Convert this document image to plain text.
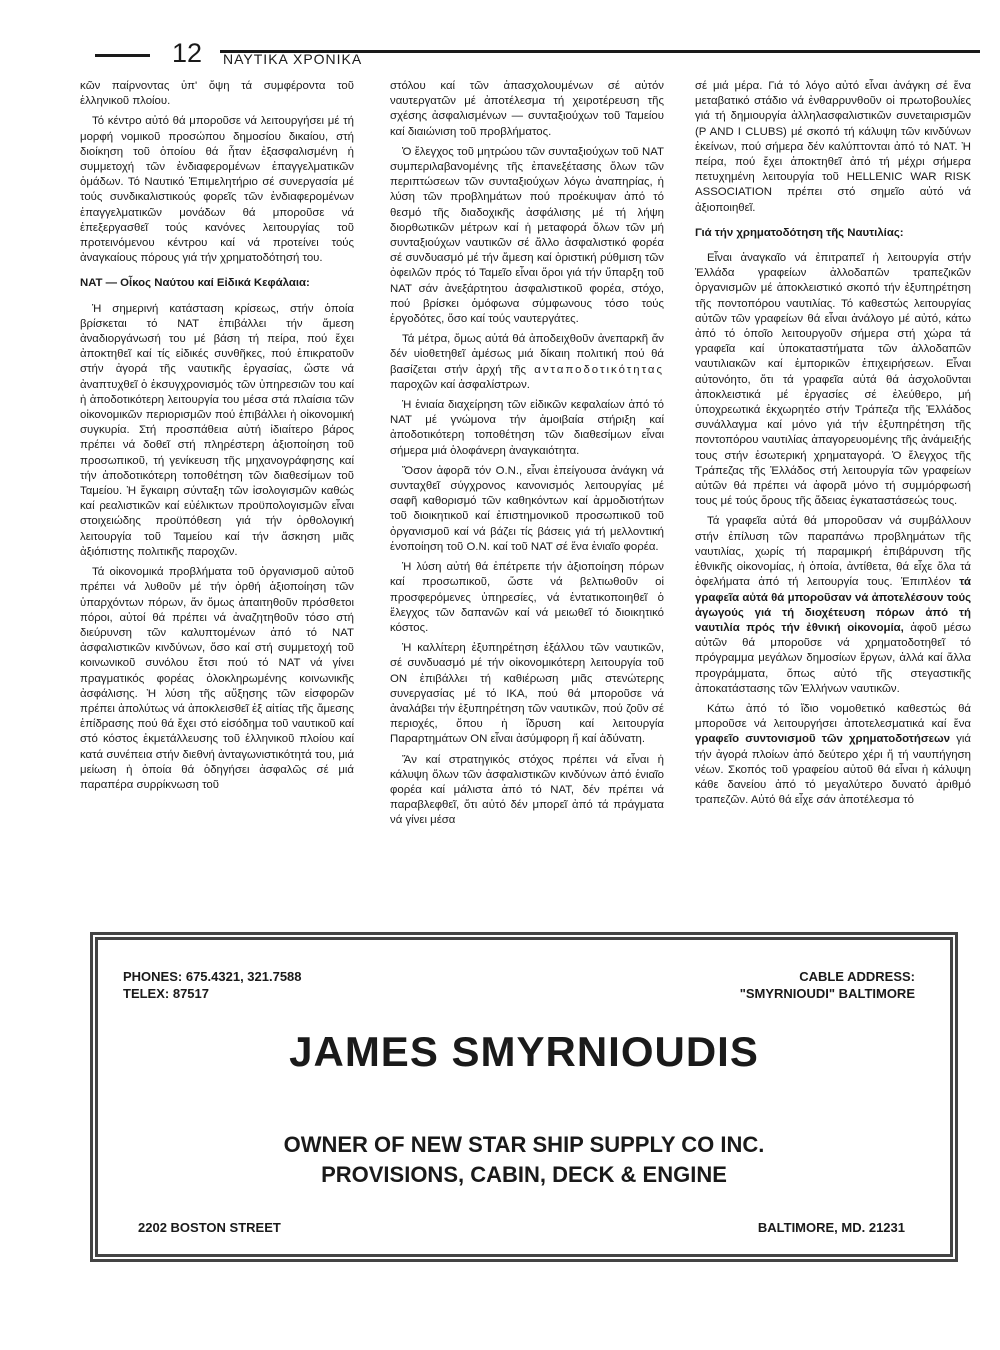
12 ΝΑΥΤΙΚΑ ΧΡΟΝΙΚΑ

κῶν παίρνοντας ὑπ' ὄψη τά συμφέροντα τοῦ ἑλληνικοῦ πλοίου.

Τό κέντρο αὐτό θά μποροῦσε νά λειτουργήσει μέ τή μορφή νομικοῦ προσώπου δημοσίου δικαίου, στή διοίκηση τοῦ ὁποίου θά ἦταν ἐξασφαλισμένη ἡ συμμετοχή τῶν ἐνδιαφερομένων ἐπαγγελματικῶν ὁμάδων. Τό Ναυτικό Ἐπιμελητήριο σέ συνεργασία μέ τούς συνδικαλιστικούς φορεῖς τῶν ἐνδιαφερομένων ἐπαγγελματικῶν μονάδων θά μποροῦσε νά ἐπεξεργασθεῖ τούς κανόνες λειτουργίας τοῦ προτεινόμενου κέντρου καί νά προτείνει τούς ἀναγκαίους πόρους γιά τήν χρηματοδότησή του.

ΝΑΤ — Οἶκος Ναύτου καί Εἰδικά Κεφάλαια:

Ἡ σημερινή κατάσταση κρίσεως, στήν ὁποία βρίσκεται τό ΝΑΤ ἐπιβάλλει τήν ἄμεση ἀναδιοργάνωσή του μέ βάση τή πείρα, πού ἔχει ἀποκτηθεῖ καί τίς εἰδικές συνθῆκες, πού ἐπικρατοῦν στήν ἀγορά τῆς ναυτικῆς ἐργασίας, ὥστε νά ἀναπτυχθεῖ ὁ ἐκσυγχρονισμός τῶν ὑπηρεσιῶν του καί ἡ ἀποδοτικότερη λειτουργία του μέσα στά πλαίσια τῶν οἰκονομικῶν περιορισμῶν πού ἐπιβάλλει ἡ οἰκονομική συγκυρία. Στή προσπάθεια αὐτή ἰδιαίτερο βάρος πρέπει νά δοθεῖ στή πληρέστερη ἀξιοποίηση τοῦ προσωπικοῦ, τή γενίκευση τῆς μηχανογράφησης καί τήν ἀποδοτικότερη τοποθέτηση τῶν διαθεσίμων τοῦ Ταμείου. Ἡ ἔγκαιρη σύνταξη τῶν ἰσολογισμῶν καθώς καί ρεαλιστικῶν καί εὐέλικτων προϋπολογισμῶν εἶναι στοιχειώδης προϋπόθεση γιά τήν ὀρθολογική λειτουργία τοῦ Ταμείου καί τήν ἄσκηση μιᾶς ἀξιόπιστης πολιτικῆς παροχῶν.

Τά οἰκονομικά προβλήματα τοῦ ὀργανισμοῦ αὐτοῦ πρέπει νά λυθοῦν μέ τήν ὀρθή ἀξιοποίηση τῶν ὑπαρχόντων πόρων, ἄν ὅμως ἀπαιτηθοῦν πρόσθετοι πόροι, αὐτοί θά πρέπει νά ἀναζητηθοῦν τόσο στή διεύρυνση τῶν καλυπτομένων ἀπό τό ΝΑΤ ἀσφαλιστικῶν κινδύνων, ὅσο καί στή συμμετοχή τοῦ κοινωνικοῦ συνόλου ἔτσι πού τό ΝΑΤ νά γίνει πραγματικός φορέας ὁλοκληρωμένης κοινωνικῆς ἀσφάλισης. Ἡ λύση τῆς αὔξησης τῶν εἰσφορῶν πρέπει ἀπολύτως νά ἀποκλεισθεῖ ἐξ αἰτίας τῆς ἄμεσης ἐπίδρασης πού θά ἔχει στό εἰσόδημα τοῦ ναυτικοῦ καί στό κόστος ἐκμετάλλευσης τοῦ ἑλληνικοῦ πλοίου καί κατά συνέπεια στήν διεθνή ἀνταγωνιστικότητά του, μιά μείωση ἡ ὁποία θά ὁδηγήσει ἀσφαλῶς σέ μιά παραπέρα συρρίκνωση τοῦ

στόλου καί τῶν ἀπασχολουμένων σέ αὐτόν ναυτεργατῶν μέ ἀποτέλεσμα τή χειροτέρευση τῆς σχέσης ἀσφαλισμένων — συνταξιούχων τοῦ Ταμείου καί διαιώνιση τοῦ προβλήματος.

Ὁ ἔλεγχος τοῦ μητρώου τῶν συνταξιούχων τοῦ ΝΑΤ συμπεριλαβανομένης τῆς ἐπανεξέτασης ὅλων τῶν περιπτώσεων τῶν συνταξιούχων λόγω ἀναπηρίας, ἡ λύση τῶν προβλημάτων πού προέκυψαν ἀπό τό θεσμό τῆς διαδοχικῆς ἀσφάλισης μέ τή λήψη διορθωτικῶν μέτρων καί ἡ μεταφορά ὅλων τῶν μή συνταξιούχων ναυτικῶν σέ ἄλλο ἀσφαλιστικό φορέα σέ συνδυασμό μέ τήν ἄμεση καί ὁριστική ρύθμιση τῶν ὀφειλῶν πρός τό Ταμεῖο εἶναι ὅροι γιά τήν ὕπαρξη τοῦ ΝΑΤ σάν ἀνεξάρτητου ἀσφαλιστικοῦ φορέα, στόχο, πού βρίσκει ὁμόφωνα σύμφωνους τόσο τούς ἐργοδότες, ὅσο καί τούς ναυτεργάτες.

Τά μέτρα, ὅμως αὐτά θά ἀποδειχθοῦν ἀνεπαρκῆ ἄν δέν υἱοθετηθεῖ ἀμέσως μιά δίκαιη πολιτική πού θά βασίζεται στήν ἀρχή τῆς ανταποδοτικότητας παροχῶν καί ἀσφαλίστρων.

Ἡ ἑνιαία διαχείρηση τῶν εἰδικῶν κεφαλαίων ἀπό τό ΝΑΤ μέ γνώμονα τήν ἀμοιβαία στήριξη καί ἀποδοτικότερη τοποθέτηση τῶν διαθεσίμων εἶναι σήμερα μιά ὁλοφάνερη ἀναγκαιότητα.

Ὅσον ἀφορᾶ τόν Ο.Ν., εἶναι ἐπείγουσα ἀνάγκη νά συνταχθεῖ σύγχρονος κανονισμός λειτουργίας μέ σαφῆ καθορισμό τῶν καθηκόντων καί ἁρμοδιοτήτων τοῦ διοικητικοῦ καί ἐπιστημονικοῦ προσωπικοῦ τοῦ ὀργανισμοῦ καί νά βάζει τίς βάσεις γιά τή μελλοντική ἑνοποίηση τοῦ Ο.Ν. καί τοῦ ΝΑΤ σέ ἕνα ἑνιαῖο φορέα.

Ἡ λύση αὐτή θά ἐπέτρεπε τήν ἀξιοποίηση πόρων καί προσωπικοῦ, ὥστε νά βελτιωθοῦν οἱ προσφερόμενες ὑπηρεσίες, νά ἐντατικοποιηθεῖ ὁ ἔλεγχος τῶν δαπανῶν καί νά μειωθεῖ τό διοικητικό κόστος.

Ἡ καλλίτερη ἐξυπηρέτηση ἐξάλλου τῶν ναυτικῶν, σέ συνδυασμό μέ τήν οἰκονομικότερη λειτουργία τοῦ ΟΝ ἐπιβάλλει τή καθιέρωση μιᾶς στενώτερης συνεργασίας μέ τό ΙΚΑ, πού θά μποροῦσε νά ἀναλάβει τήν ἐξυπηρέτηση τῶν ναυτικῶν, πού ζοῦν σέ περιοχές, ὅπου ἡ ἵδρυση καί λειτουργία Παραρτημάτων ΟΝ εἶναι ἀσύμφορη ἤ καί ἀδύνατη.

Ἄν καί στρατηγικός στόχος πρέπει νά εἶναι ἡ κάλυψη ὅλων τῶν ἀσφαλιστικῶν κινδύνων ἀπό ἑνιαῖο φορέα καί μάλιστα ἀπό τό ΝΑΤ, δέν πρέπει νά παραβλεφθεῖ, ὅτι αὐτό δέν μπορεῖ ἀπό τά πράγματα νά γίνει μέσα

σέ μιά μέρα. Γιά τό λόγο αὐτό εἶναι ἀνάγκη σέ ἕνα μεταβατικό στάδιο νά ἐνθαρρυνθοῦν οἱ πρωτοβουλίες γιά τή δημιουργία ἀλληλασφαλιστικῶν συνεταιρισμῶν (P AND I CLUBS) μέ σκοπό τή κάλυψη τῶν κινδύνων ἐκείνων, πού σήμερα δέν καλύπτονται ἀπό τό ΝΑΤ. Ἡ πείρα, πού ἔχει ἀποκτηθεῖ ἀπό τή μέχρι σήμερα πετυχημένη λειτουργία τοῦ HELLENIC WAR RISK ASSOCIATION πρέπει στό σημεῖο αὐτό νά ἀξιοποιηθεῖ.

Γιά τήν χρηματοδότηση τῆς Ναυτιλίας:

Εἶναι ἀναγκαῖο νά ἐπιτραπεῖ ἡ λειτουργία στήν Ἑλλάδα γραφείων ἀλλοδαπῶν τραπεζικῶν ὀργανισμῶν μέ ἀποκλειστικό σκοπό τήν ἐξυπηρέτηση τῆς ποντοπόρου ναυτιλίας. Τό καθεστώς λειτουργίας αὐτῶν τῶν γραφείων θά εἶναι ἀνάλογο μέ αὐτό, κάτω ἀπό τό ὁποῖο λειτουργοῦν σήμερα στή χώρα τά γραφεῖα καί ὑποκαταστήματα τῶν ἀλλοδαπῶν ναυτιλιακῶν καί ἐμπορικῶν ἐπιχειρήσεων. Εἶναι αὐτονόητο, ὅτι τά γραφεῖα αὐτά θά ἀσχολοῦνται ἀποκλειστικά μέ ἐργασίες σέ ἐλεύθερο, μή ὑποχρεωτικά ἐκχωρητέο στήν Τράπεζα τῆς Ἑλλάδος συνάλλαγμα καί μόνο γιά τήν ἐξυπηρέτηση τῆς ποντοπόρου ναυτιλίας ἀπαγορευομένης τῆς ἀνάμειξής τους στήν ἐσωτερική χρηματαγορά. Ὁ ἔλεγχος τῆς Τράπεζας τῆς Ἑλλάδος στή λειτουργία τῶν γραφείων αὐτῶν θά πρέπει νά ἀφορᾶ μόνο τή συμμόρφωσή τους μέ τούς ὅρους τῆς ἄδειας ἐγκαταστάσεώς τους.

Τά γραφεῖα αὐτά θά μποροῦσαν νά συμβάλλουν στήν ἐπίλυση τῶν παραπάνω προβλημάτων τῆς ναυτιλίας, χωρίς τή παραμικρή ἐπιβάρυνση τῆς ἐθνικῆς οἰκονομίας, ἡ ὁποία, ἀντίθετα, θά εἶχε ὅλα τά ὀφελήματα ἀπό τή λειτουργία τους. Ἐπιπλέον τά γραφεῖα αὐτά θά μποροῦσαν νά ἀποτελέσουν τούς ἀγωγούς γιά τή διοχέτευση πόρων ἀπό τή ναυτιλία πρός τήν ἐθνική οἰκονομία, ἀφοῦ μέσω αὐτῶν θά μποροῦσε νά χρηματοδοτηθεῖ τό πρόγραμμα μεγάλων δημοσίων ἔργων, ἀλλά καί ἄλλα προγράμματα, ὅπως αὐτό τῆς στεγαστικῆς ἀποκατάστασης τῶν Ἑλλήνων ναυτικῶν.

Κάτω ἀπό τό ἴδιο νομοθετικό καθεστώς θά μποροῦσε νά λειτουργήσει ἀποτελεσματικά καί ἕνα γραφεῖο συντονισμοῦ τῶν χρηματοδοτήσεων γιά τήν ἀγορά πλοίων ἀπό δεύτερο χέρι ἤ τή ναυπήγηση νέων. Σκοπός τοῦ γραφείου αὐτοῦ θά εἶναι ἡ κάλυψη κάθε δανείου ἀπό τό μεγαλύτερο δυνατό ἀριθμό τραπεζῶν. Αὐτό θά εἶχε σάν ἀποτέλεσμα τό

PHONES: 675.4321, 321.7588
TELEX: 87517
CABLE ADDRESS:
"SMYRNIOUDI" BALTIMORE
JAMES SMYRNIOUDIS
OWNER OF NEW STAR SHIP SUPPLY CO INC.
PROVISIONS, CABIN, DECK & ENGINE
2202 BOSTON STREET	BALTIMORE, MD. 21231
